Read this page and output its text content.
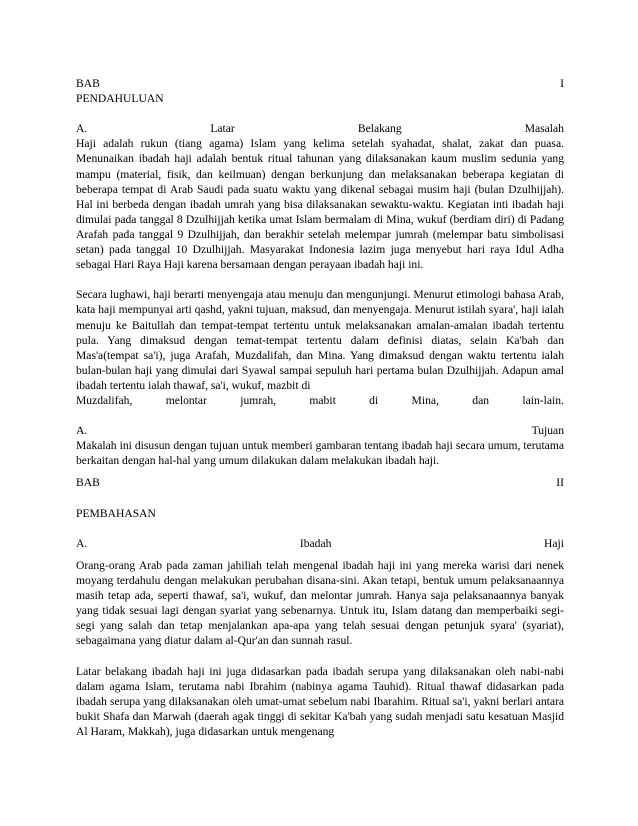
BAB	I
PENDAHULUAN
A.	Latar	Belakang	Masalah

Haji adalah rukun (tiang agama) Islam yang kelima setelah syahadat, shalat, zakat dan puasa. Menunaikan ibadah haji adalah bentuk ritual tahunan yang dilaksanakan kaum muslim sedunia yang mampu (material, fisik, dan keilmuan) dengan berkunjung dan melaksanakan beberapa kegiatan di beberapa tempat di Arab Saudi pada suatu waktu yang dikenal sebagai musim haji (bulan Dzulhijjah). Hal ini berbeda dengan ibadah umrah yang bisa dilaksanakan sewaktu-waktu. Kegiatan inti ibadah haji dimulai pada tanggal 8 Dzulhijjah ketika umat Islam bermalam di Mina, wukuf (berdiam diri) di Padang Arafah pada tanggal 9 Dzulhijjah, dan berakhir setelah melempar jumrah (melempar batu simbolisasi setan) pada tanggal 10 Dzulhijjah. Masyarakat Indonesia lazim juga menyebut hari raya Idul Adha sebagai Hari Raya Haji karena bersamaan dengan perayaan ibadah haji ini.

Secara lughawi, haji berarti menyengaja atau menuju dan mengunjungi. Menurut etimologi bahasa Arab, kata haji mempunyai arti qashd, yakni tujuan, maksud, dan menyengaja. Menurut istilah syara', haji ialah menuju ke Baitullah dan tempat-tempat tertentu untuk melaksanakan amalan-amalan ibadah tertentu pula. Yang dimaksud dengan temat-tempat tertentu dalam definisi diatas, selain Ka'bah dan Mas'a(tempat sa'i), juga Arafah, Muzdalifah, dan Mina. Yang dimaksud dengan waktu tertentu ialah bulan-bulan haji yang dimulai dari Syawal sampai sepuluh hari pertama bulan Dzulhijjah. Adapun amal ibadah tertentu ialah thawaf, sa'i, wukuf, mazbit di

Muzdalifah,	melontar	jumrah,	mabit	di	Mina,	dan	lain-lain.
A.	Tujuan

Makalah ini disusun dengan tujuan untuk memberi gambaran tentang ibadah haji secara umum, terutama berkaitan dengan hal-hal yang umum dilakukan dalam melakukan ibadah haji.

BAB	II
PEMBAHASAN
A.	Ibadah	Haji

Orang-orang Arab pada zaman jahiliah telah mengenal ibadah haji ini yang mereka warisi dari nenek moyang terdahulu dengan melakukan perubahan disana-sini. Akan tetapi, bentuk umum pelaksanaannya masih tetap ada, seperti thawaf, sa'i, wukuf, dan melontar jumrah. Hanya saja pelaksanaannya banyak yang tidak sesuai lagi dengan syariat yang sebenarnya. Untuk itu, Islam datang dan memperbaiki segi-segi yang salah dan tetap menjalankan apa-apa yang telah sesuai dengan petunjuk syara' (syariat), sebagaimana yang diatur dalam al-Qur'an dan sunnah rasul.

Latar belakang ibadah haji ini juga didasarkan pada ibadah serupa yang dilaksanakan oleh nabi-nabi dalam agama Islam, terutama nabi Ibrahim (nabinya agama Tauhid). Ritual thawaf didasarkan pada ibadah serupa yang dilaksanakan oleh umat-umat sebelum nabi Ibarahim. Ritual sa'i, yakni berlari antara bukit Shafa dan Marwah (daerah agak tinggi di sekitar Ka'bah yang sudah menjadi satu kesatuan Masjid Al Haram, Makkah), juga didasarkan untuk mengenang
